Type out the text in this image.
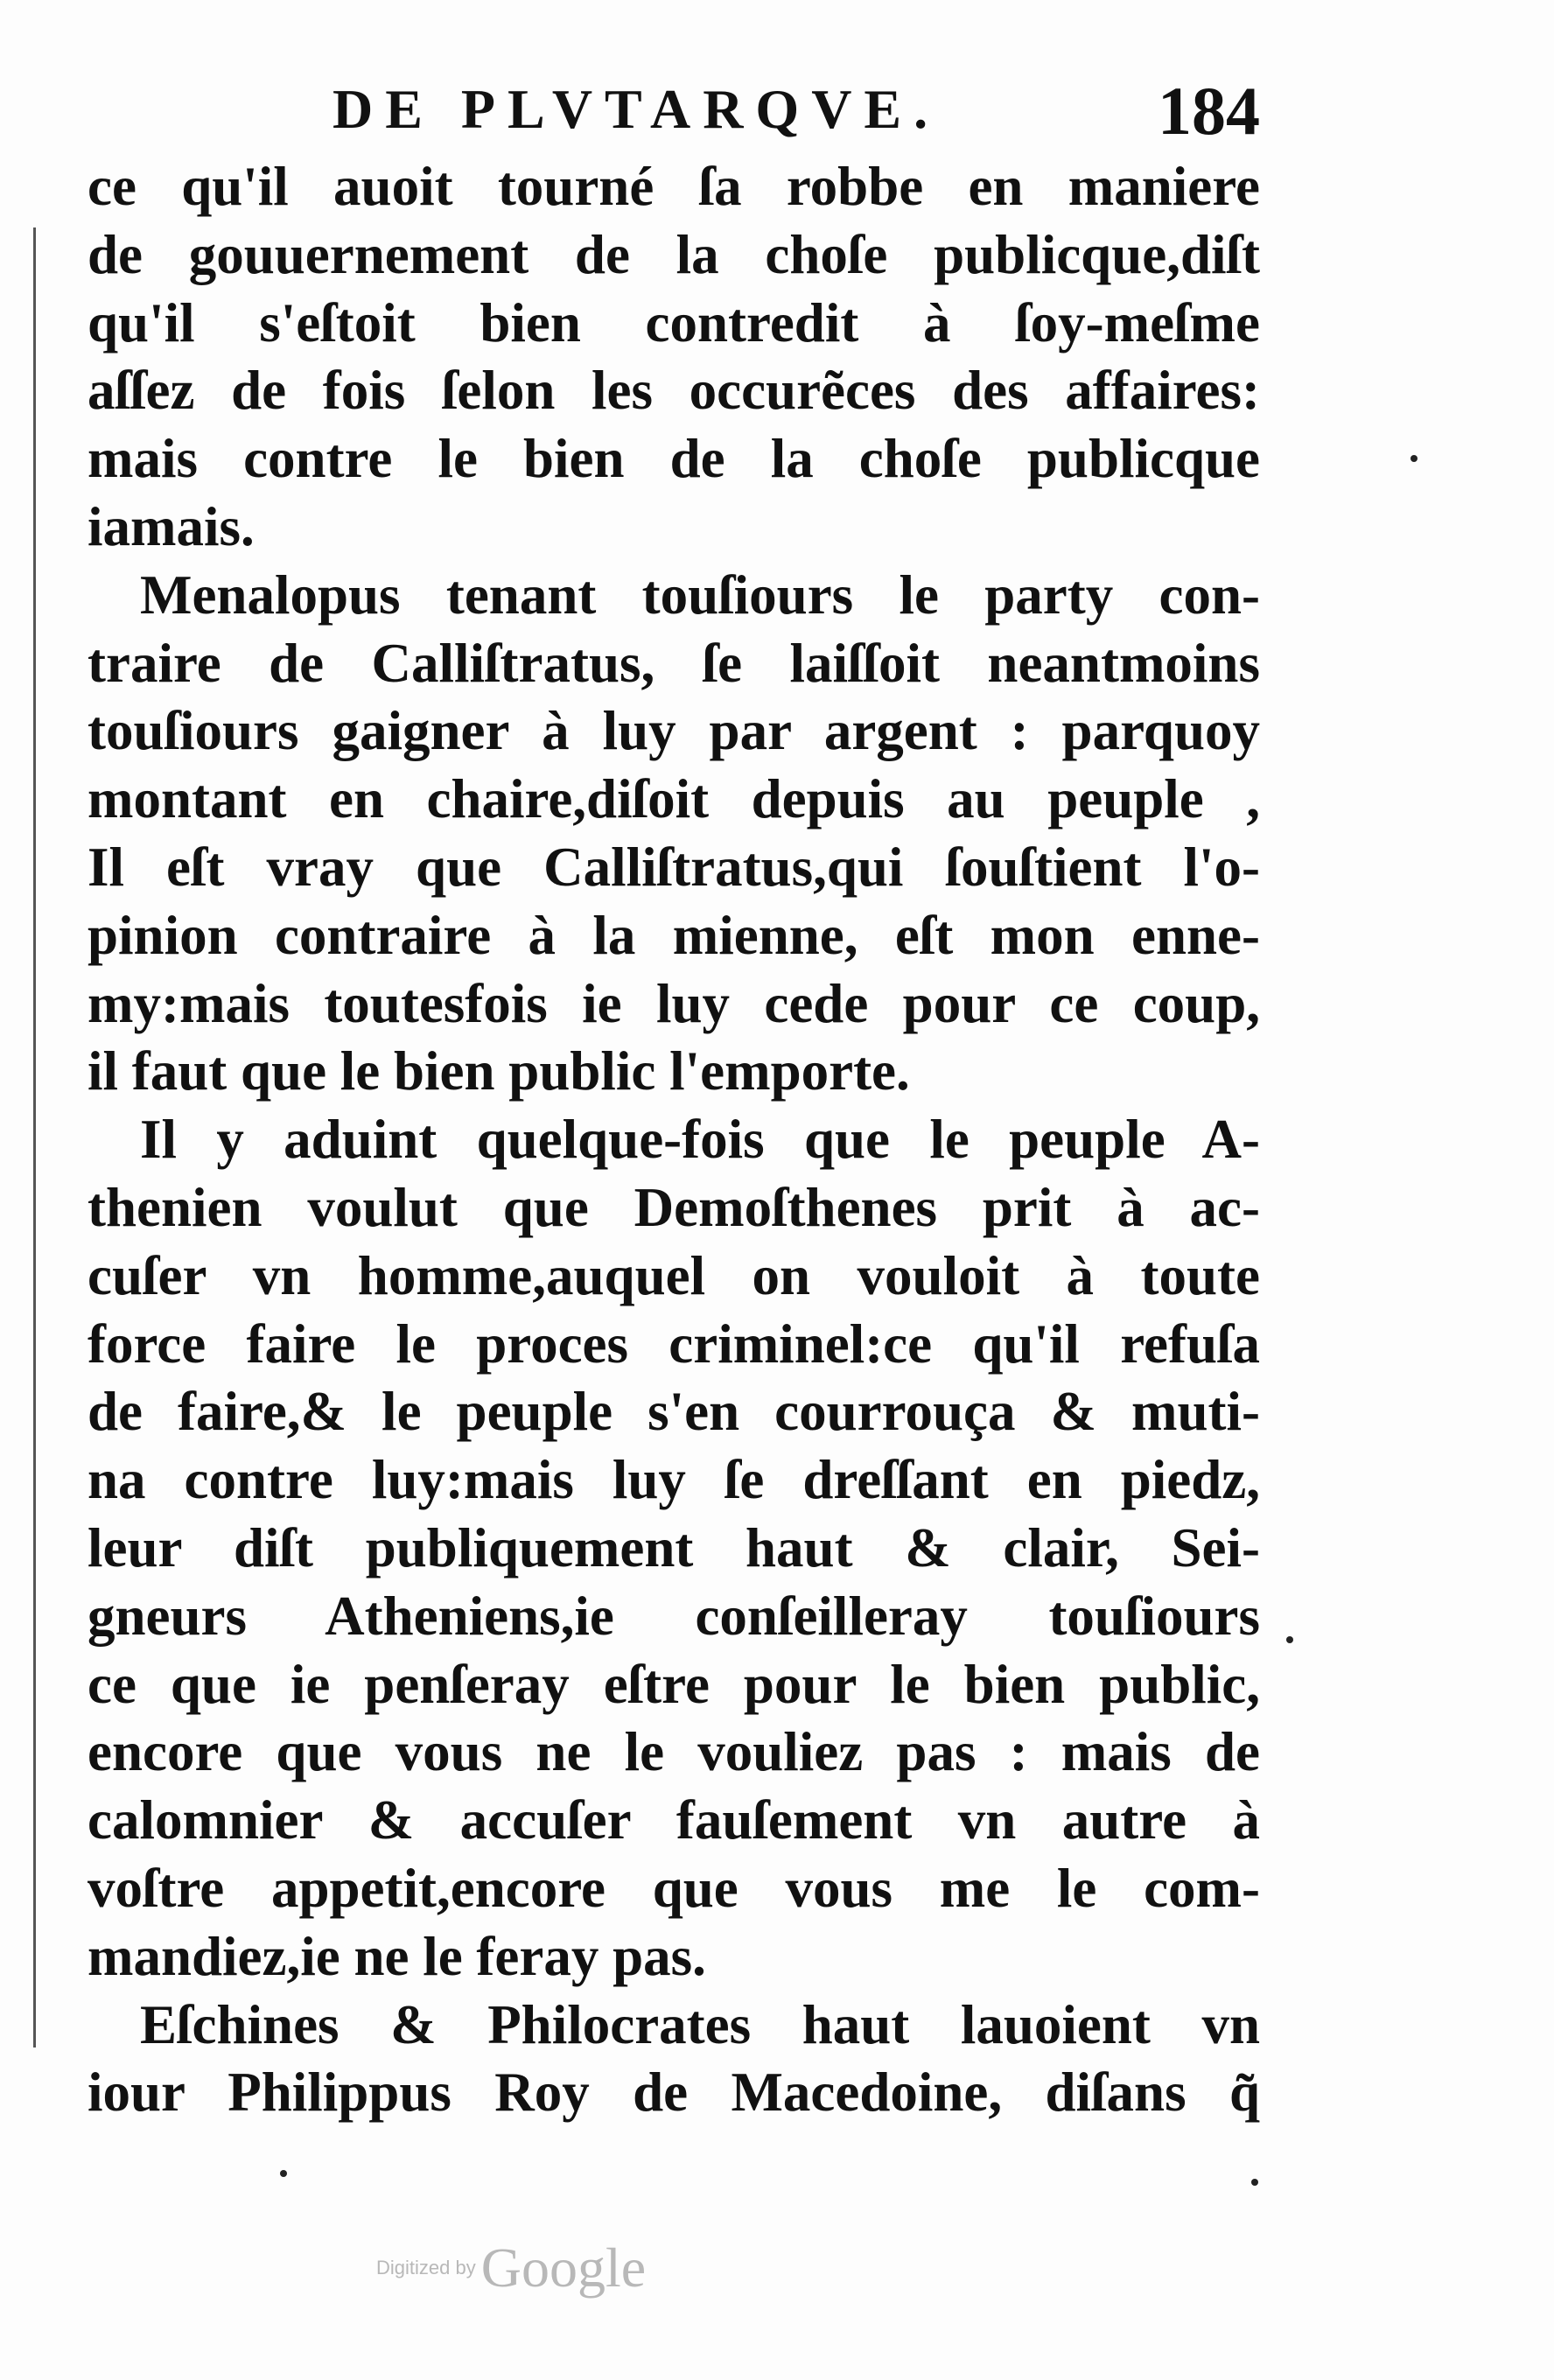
DE PLVTARQVE.	184

ce qu'il auoit tourné ſa robbe en maniere
de gouuernement de la choſe publicque,diſt
qu'il s'eſtoit bien contredit à ſoy-meſme
aſſez de fois ſelon les occurẽces des affaires:
mais contre le bien de la choſe publicque
iamais.

Menalopus tenant touſiours le party con-
traire de Calliſtratus, ſe laiſſoit neantmoins
touſiours gaigner à luy par argent : parquoy
montant en chaire,diſoit depuis au peuple ,
Il eſt vray que Calliſtratus,qui ſouſtient l'o-
pinion contraire à la mienne, eſt mon enne-
my:mais toutesfois ie luy cede pour ce coup,
il faut que le bien public l'emporte.

Il y aduint quelque-fois que le peuple A-
thenien voulut que Demoſthenes prit à ac-
cuſer vn homme,auquel on vouloit à toute
force faire le proces criminel:ce qu'il refuſa
de faire,& le peuple s'en courrouça & muti-
na contre luy:mais luy ſe dreſſant en piedz,
leur diſt publiquement haut & clair, Sei-
gneurs Atheniens,ie conſeilleray touſiours
ce que ie penſeray eſtre pour le bien public,
encore que vous ne le vouliez pas : mais de
calomnier & accuſer fauſement vn autre à
voſtre appetit,encore que vous me le com-
mandiez,ie ne le feray pas.

Eſchines & Philocrates haut lauoient vn
iour Philippus Roy de Macedoine, diſans q̃

Digitized byGoogle
